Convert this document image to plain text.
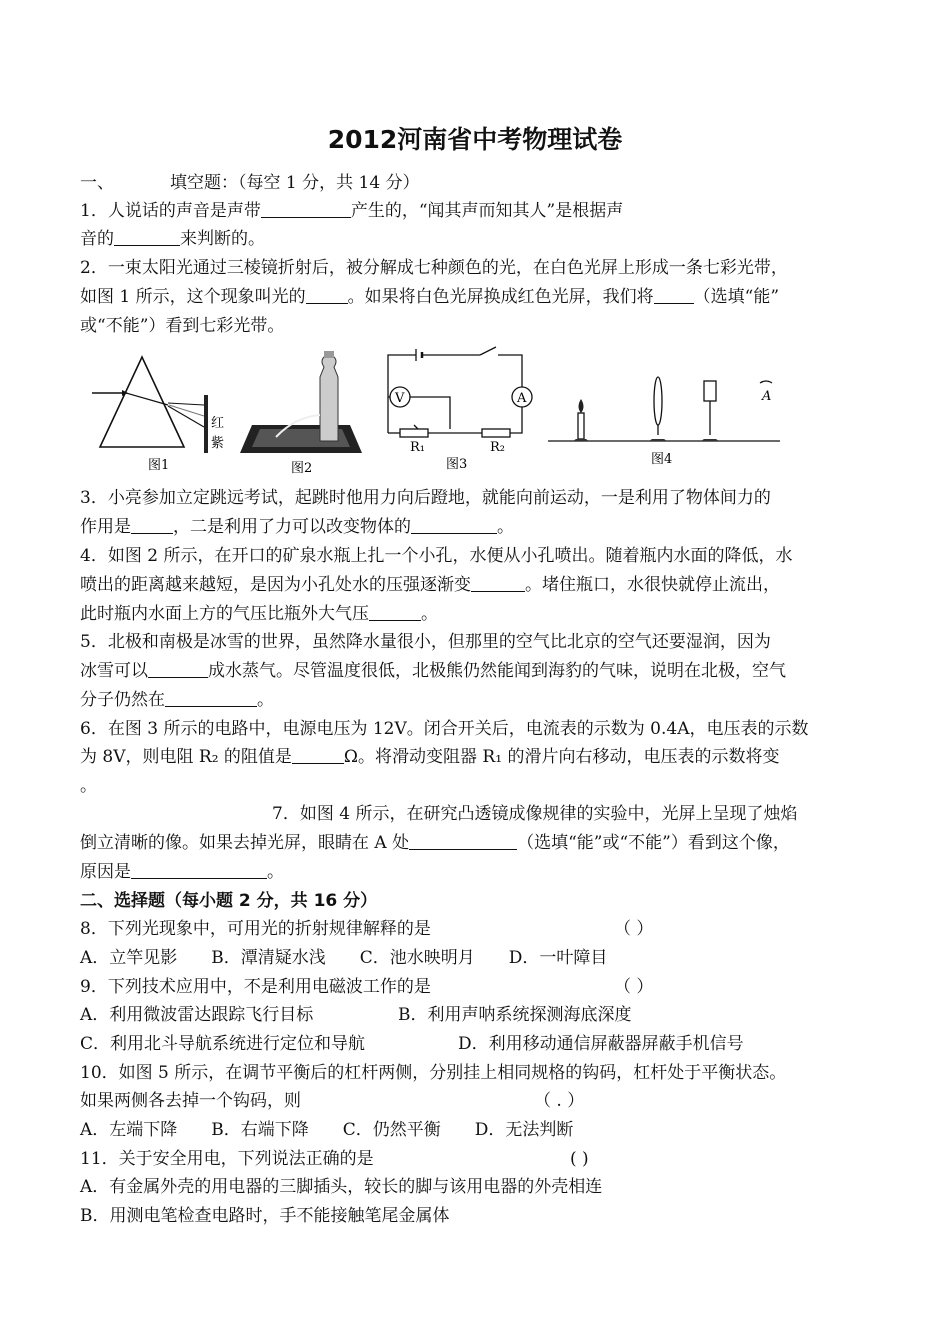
2012河南省中考物理试卷
一、	填空题：（每空 1 分，共 14 分）
1．人说话的声音是声带	产生的，“闻其声而知其人”是根据声
音的	来判断的。
2．一束太阳光通过三棱镜折射后，被分解成七种颜色的光，在白色光屏上形成一条七彩光带，
如图 1 所示，这个现象叫光的 。如果将白色光屏换成红色光屏，我们将 （选填“能”
或“不能”）看到七彩光带。
红
紫
图1	图2
V	A
R₁	R₂
图3
A
图4
3．小亮参加立定跳远考试，起跳时他用力向后蹬地，就能向前运动，一是利用了物体间力的
作用是 ，二是利用了力可以改变物体的	。
4．如图 2 所示，在开口的矿泉水瓶上扎一个小孔，水便从小孔喷出。随着瓶内水面的降低，水
喷出的距离越来越短，是因为小孔处水的压强逐渐变	。堵住瓶口，水很快就停止流出，
此时瓶内水面上方的气压比瓶外大气压	。
5．北极和南极是冰雪的世界，虽然降水量很小，但那里的空气比北京的空气还要湿润，因为
冰雪可以	成水蒸气。尽管温度很低，北极熊仍然能闻到海豹的气味，说明在北极，空气
分子仍然在	。
6．在图 3 所示的电路中，电源电压为 12V。闭合开关后，电流表的示数为 0.4A，电压表的示数
为 8V，则电阻 R₂ 的阻值是	Ω。将滑动变阻器 R₁ 的滑片向右移动，电压表的示数将变
。
7．如图 4 所示，在研究凸透镜成像规律的实验中，光屏上呈现了烛焰
倒立清晰的像。如果去掉光屏，眼睛在 A 处	（选填“能”或“不能”）看到这个像，
原因是	。
二、选择题（每小题 2 分，共 16 分）
8．下列光现象中，可用光的折射规律解释的是	（ ）
A．立竿见影　　B．潭清疑水浅　　C．池水映明月　　D．一叶障目
9．下列技术应用中，不是利用电磁波工作的是	（ ）
A．利用微波雷达跟踪飞行目标	B．利用声呐系统探测海底深度
C．利用北斗导航系统进行定位和导航	D．利用移动通信屏蔽器屏蔽手机信号
10．如图 5 所示，在调节平衡后的杠杆两侧，分别挂上相同规格的钩码，杠杆处于平衡状态。
如果两侧各去掉一个钩码，则	（ . ）
A．左端下降　　B．右端下降　　C．仍然平衡　　D．无法判断
11．关于安全用电，下列说法正确的是	( )
A．有金属外壳的用电器的三脚插头，较长的脚与该用电器的外壳相连
B．用测电笔检查电路时，手不能接触笔尾金属体
